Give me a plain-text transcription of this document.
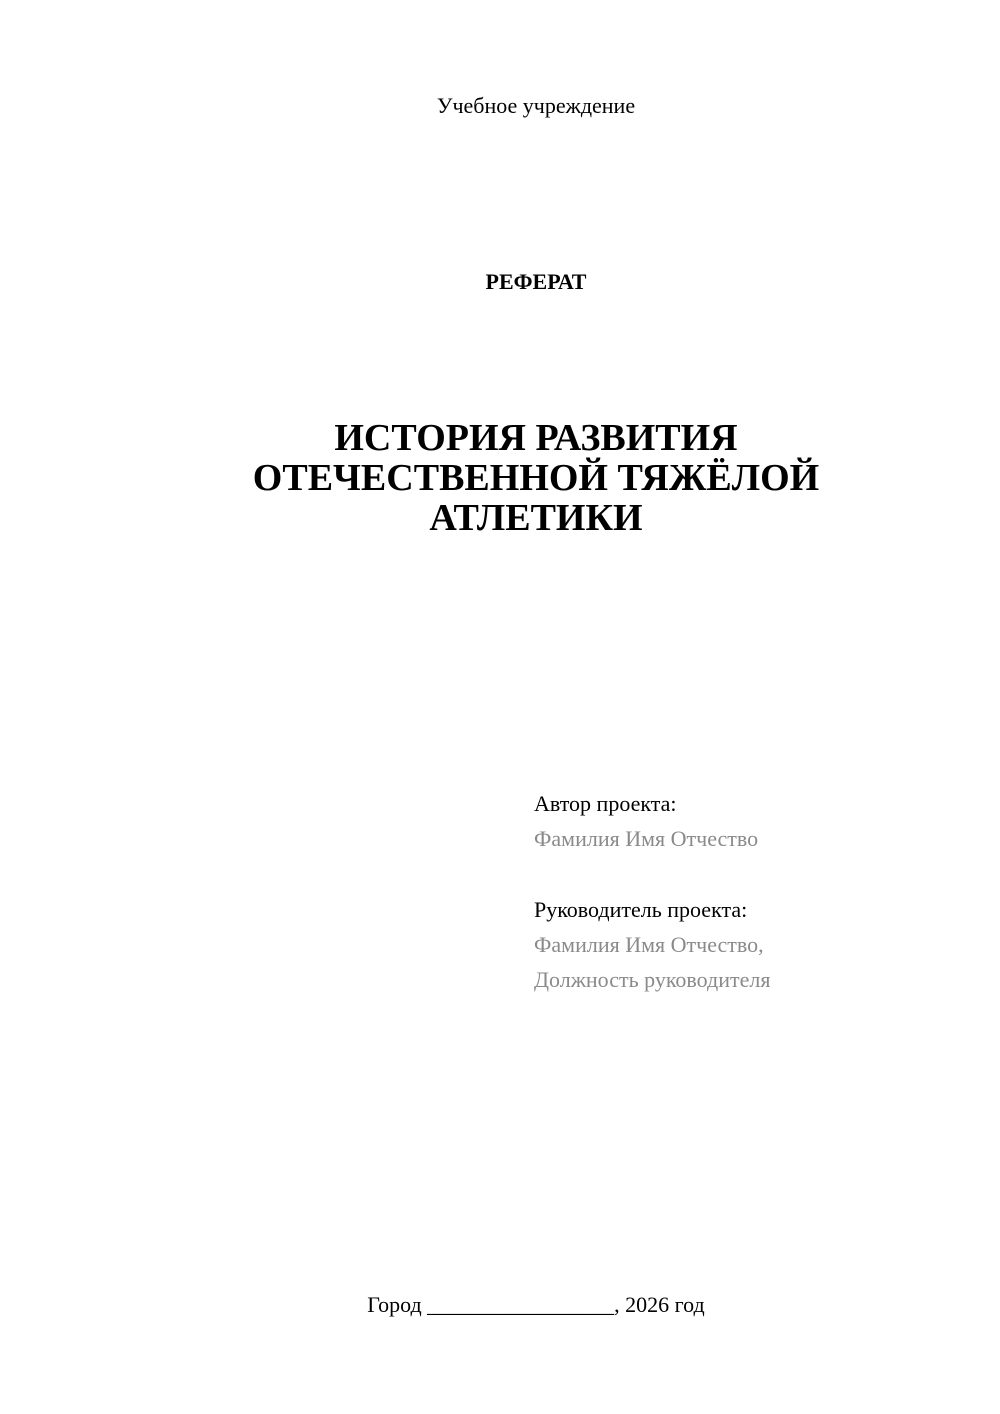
Учебное учреждение
РЕФЕРАТ
ИСТОРИЯ РАЗВИТИЯ
ОТЕЧЕСТВЕННОЙ ТЯЖЁЛОЙ
АТЛЕТИКИ
Автор проекта:
Фамилия Имя Отчество
Руководитель проекта:
Фамилия Имя Отчество,
Должность руководителя
Город _________________, 2026 год
